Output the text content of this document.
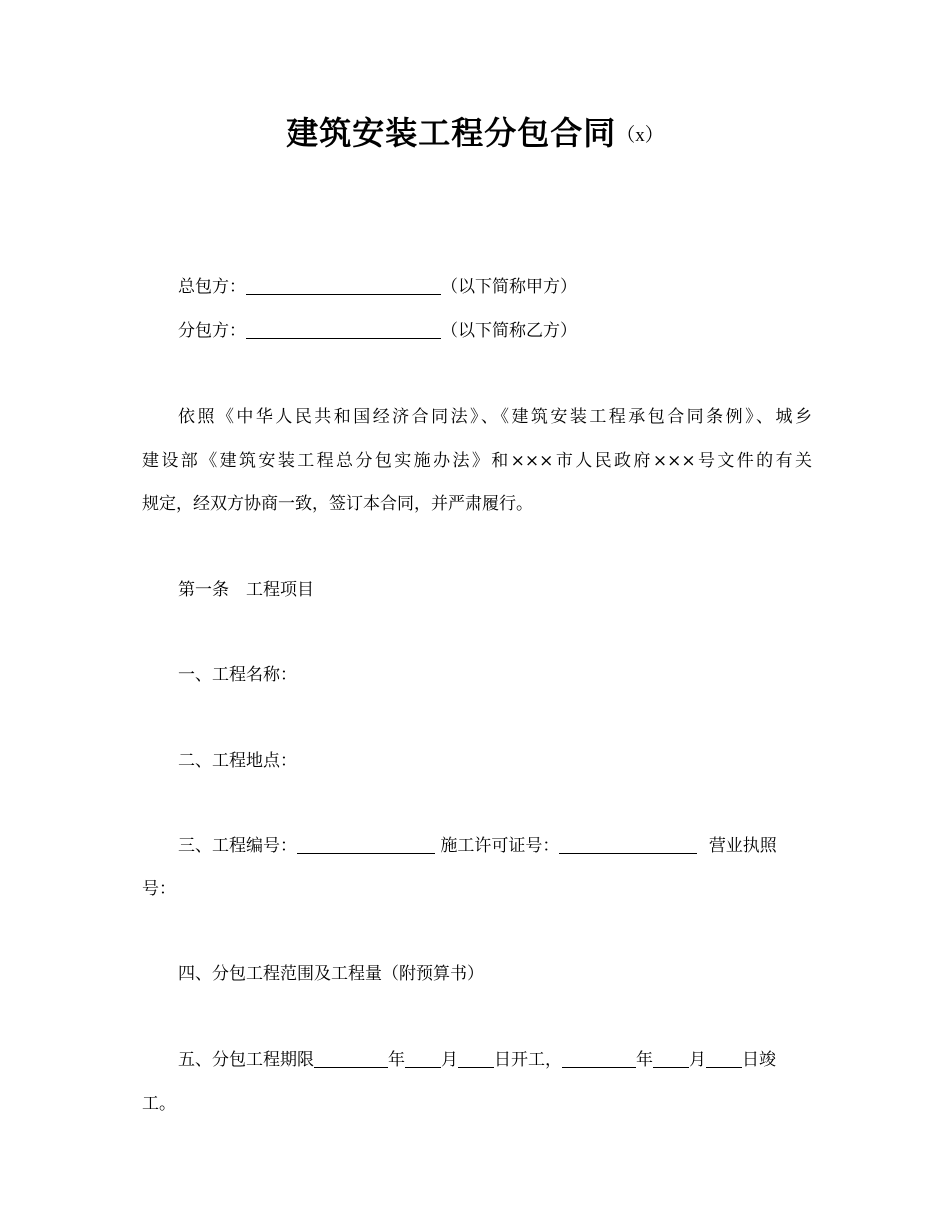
建筑安装工程分包合同（x）
总包方：	（以下简称甲方）
分包方：	（以下简称乙方）
依照《中华人民共和国经济合同法》、《建筑安装工程承包合同条例》、城乡
建设部《建筑安装工程总分包实施办法》和×××市人民政府×××号文件的有关
规定，经双方协商一致，签订本合同，并严肃履行。
第一条　工程项目
一、工程名称：
二、工程地点：
三、工程编号：	施工许可证号：	营业执照
号：
四、分包工程范围及工程量（附预算书）
五、分包工程期限	年 月 日开工，	年 月 日竣
工。
